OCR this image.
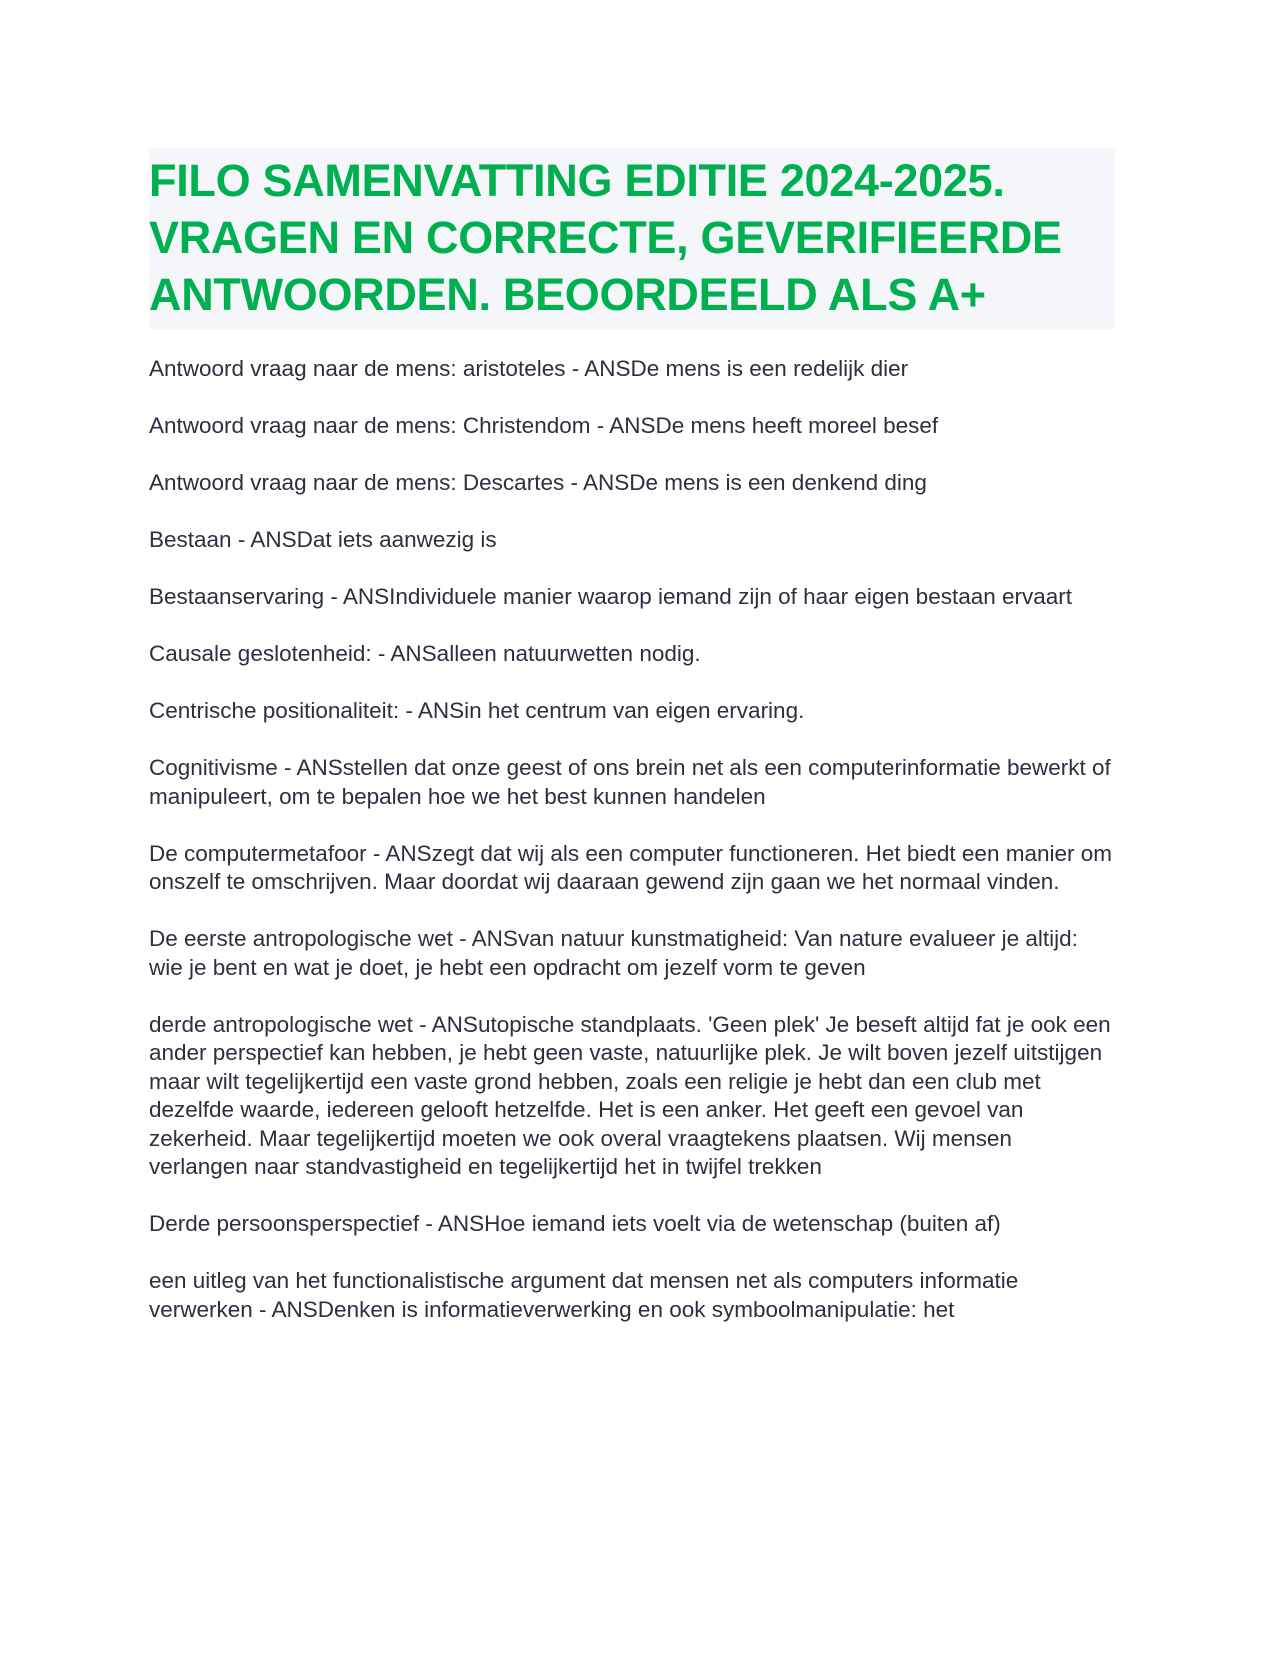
FILO SAMENVATTING EDITIE 2024-2025. VRAGEN EN CORRECTE, GEVERIFIEERDE ANTWOORDEN. BEOORDEELD ALS A+

Antwoord vraag naar de mens: aristoteles - ANSDe mens is een redelijk dier

Antwoord vraag naar de mens: Christendom - ANSDe mens heeft moreel besef

Antwoord vraag naar de mens: Descartes - ANSDe mens is een denkend ding

Bestaan - ANSDat iets aanwezig is

Bestaanservaring - ANSIndividuele manier waarop iemand zijn of haar eigen bestaan ervaart

Causale geslotenheid: - ANSalleen natuurwetten nodig.

Centrische positionaliteit: - ANSin het centrum van eigen ervaring.

Cognitivisme - ANSstellen dat onze geest of ons brein net als een computerinformatie bewerkt of manipuleert, om te bepalen hoe we het best kunnen handelen

De computermetafoor - ANSzegt dat wij als een computer functioneren. Het biedt een manier om onszelf te omschrijven. Maar doordat wij daaraan gewend zijn gaan we het normaal vinden.

De eerste antropologische wet - ANSvan natuur kunstmatigheid: Van nature evalueer je altijd: wie je bent en wat je doet, je hebt een opdracht om jezelf vorm te geven

derde antropologische wet - ANSutopische standplaats. 'Geen plek' Je beseft altijd fat je ook een ander perspectief kan hebben, je hebt geen vaste, natuurlijke plek. Je wilt boven jezelf uitstijgen maar wilt tegelijkertijd een vaste grond hebben, zoals een religie je hebt dan een club met dezelfde waarde, iedereen gelooft hetzelfde. Het is een anker. Het geeft een gevoel van zekerheid. Maar tegelijkertijd moeten we ook overal vraagtekens plaatsen. Wij mensen verlangen naar standvastigheid en tegelijkertijd het in twijfel trekken

Derde persoonsperspectief - ANSHoe iemand iets voelt via de wetenschap (buiten af)

een uitleg van het functionalistische argument dat mensen net als computers informatie verwerken - ANSDenken is informatieverwerking en ook symboolmanipulatie: het
